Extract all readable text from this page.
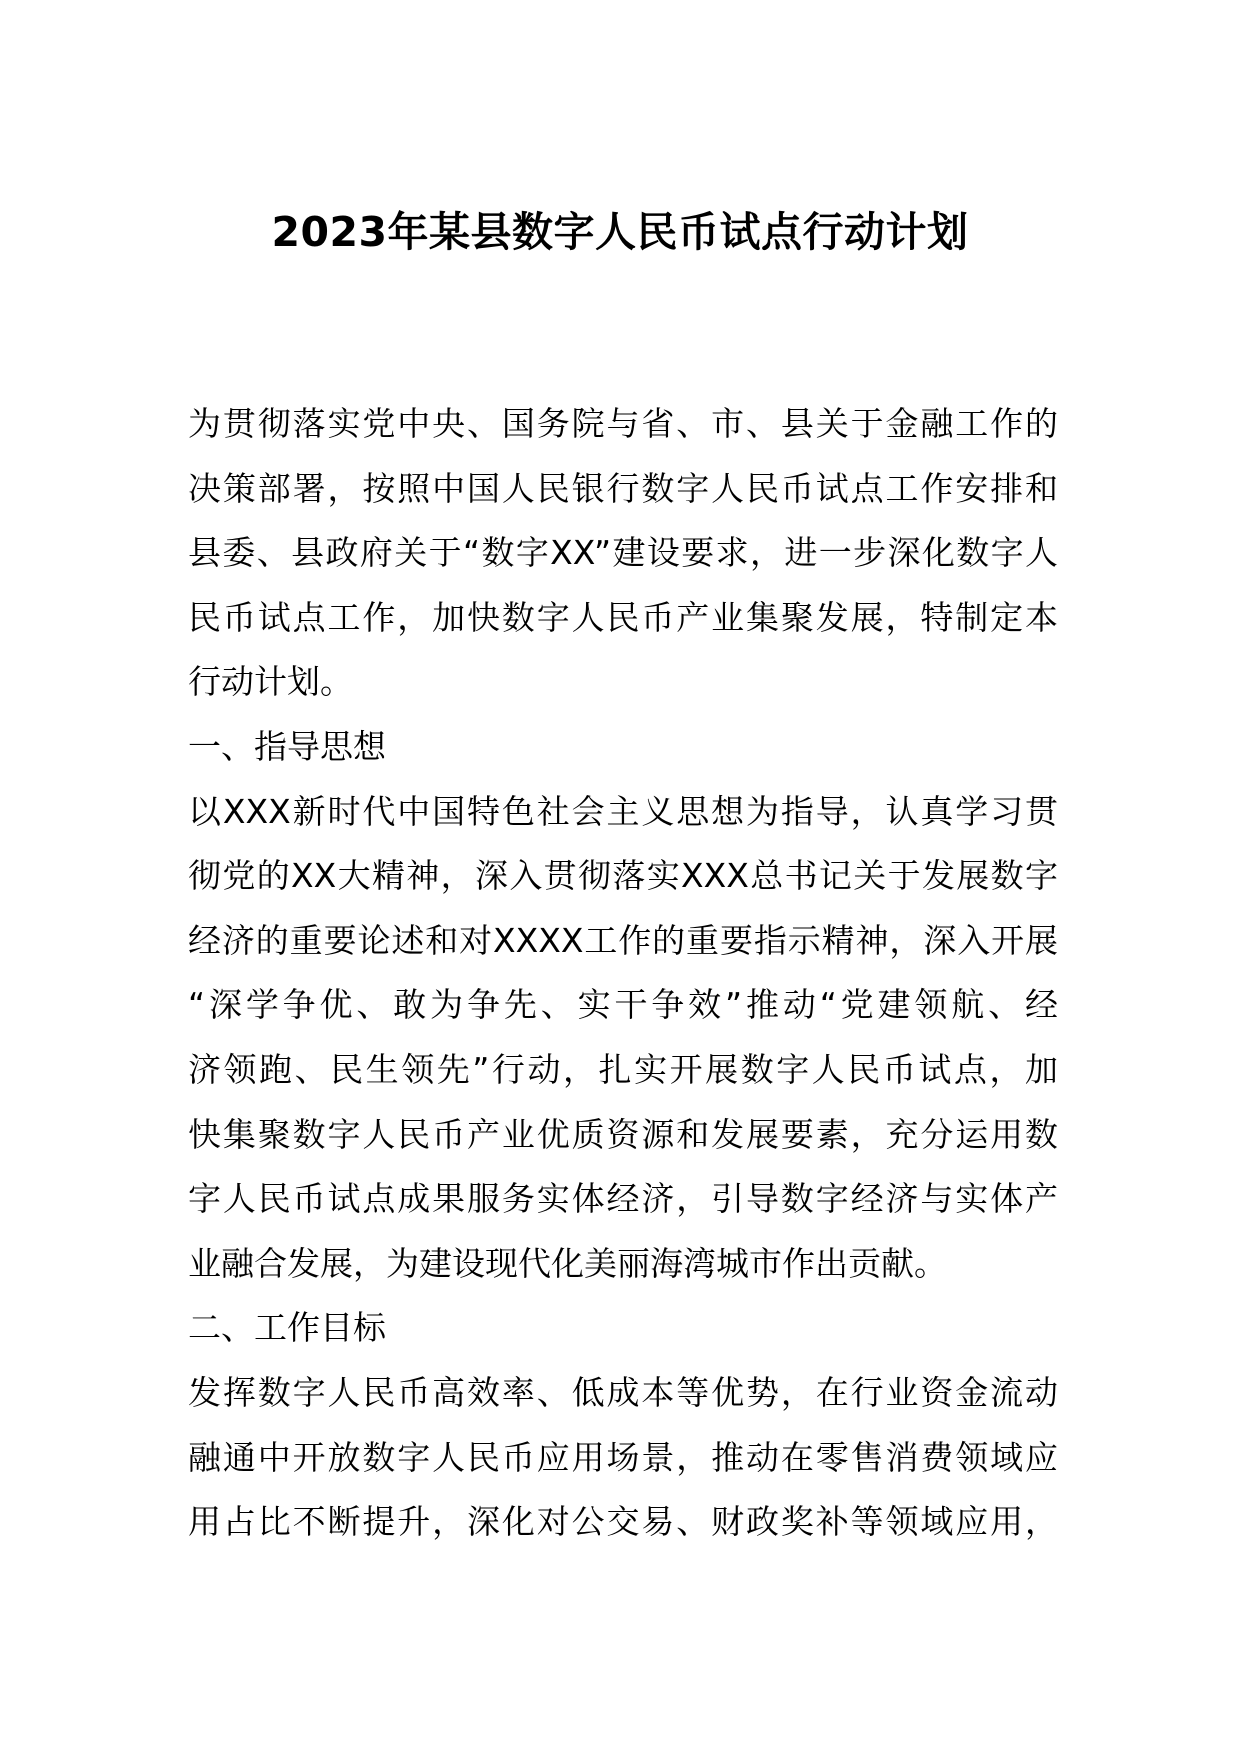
2023年某县数字人民币试点行动计划
为贯彻落实党中央、国务院与省、市、县关于金融工作的
决策部署，按照中国人民银行数字人民币试点工作安排和
县委、县政府关于“数字XX”建设要求，进一步深化数字人
民币试点工作，加快数字人民币产业集聚发展，特制定本
行动计划。
一、指导思想
以XXX新时代中国特色社会主义思想为指导，认真学习贯
彻党的XX大精神，深入贯彻落实XXX总书记关于发展数字
经济的重要论述和对XXXX工作的重要指示精神，深入开展
“深学争优、敢为争先、实干争效”推动“党建领航、经
济领跑、民生领先”行动，扎实开展数字人民币试点，加
快集聚数字人民币产业优质资源和发展要素，充分运用数
字人民币试点成果服务实体经济，引导数字经济与实体产
业融合发展，为建设现代化美丽海湾城市作出贡献。
二、工作目标
发挥数字人民币高效率、低成本等优势，在行业资金流动
融通中开放数字人民币应用场景，推动在零售消费领域应
用占比不断提升，深化对公交易、财政奖补等领域应用，
